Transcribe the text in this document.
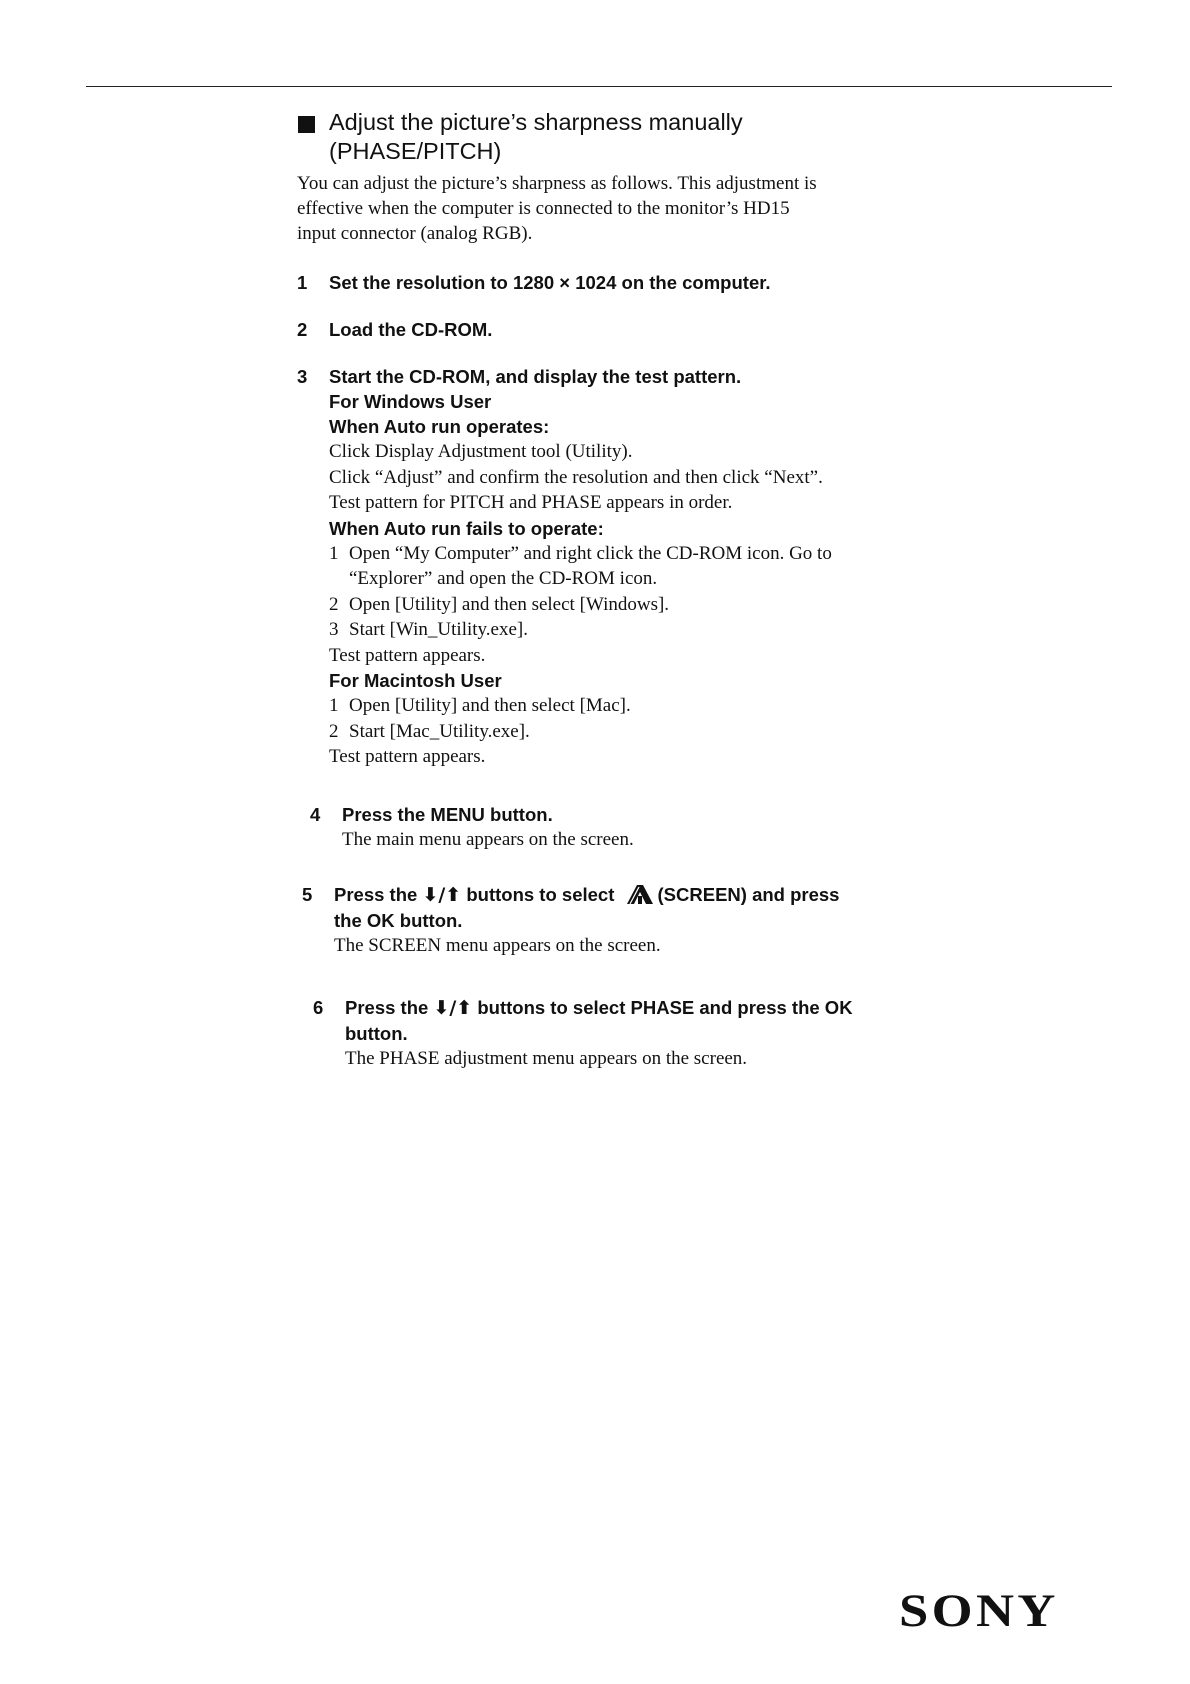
Adjust the picture’s sharpness manually
(PHASE/PITCH)

You can adjust the picture’s sharpness as follows. This adjustment is effective when the computer is connected to the monitor’s HD15 input connector (analog RGB).

1 Set the resolution to 1280 × 1024 on the computer.
2 Load the CD-ROM.
3 Start the CD-ROM, and display the test pattern.
For Windows User
When Auto run operates:
Click Display Adjustment tool (Utility).
Click “Adjust” and confirm the resolution and then click “Next”.
Test pattern for PITCH and PHASE appears in order.
When Auto run fails to operate:
1 Open “My Computer” and right click the CD-ROM icon. Go to “Explorer” and open the CD-ROM icon.
2 Open [Utility] and then select [Windows].
3 Start [Win_Utility.exe].
Test pattern appears.
For Macintosh User
1 Open [Utility] and then select [Mac].
2 Start [Mac_Utility.exe].
Test pattern appears.
4 Press the MENU button.
The main menu appears on the screen.
5 Press the ⬇/⬆ buttons to select (SCREEN) and press the OK button.
The SCREEN menu appears on the screen.
6 Press the ⬇/⬆ buttons to select PHASE and press the OK button.
The PHASE adjustment menu appears on the screen.
SONY
